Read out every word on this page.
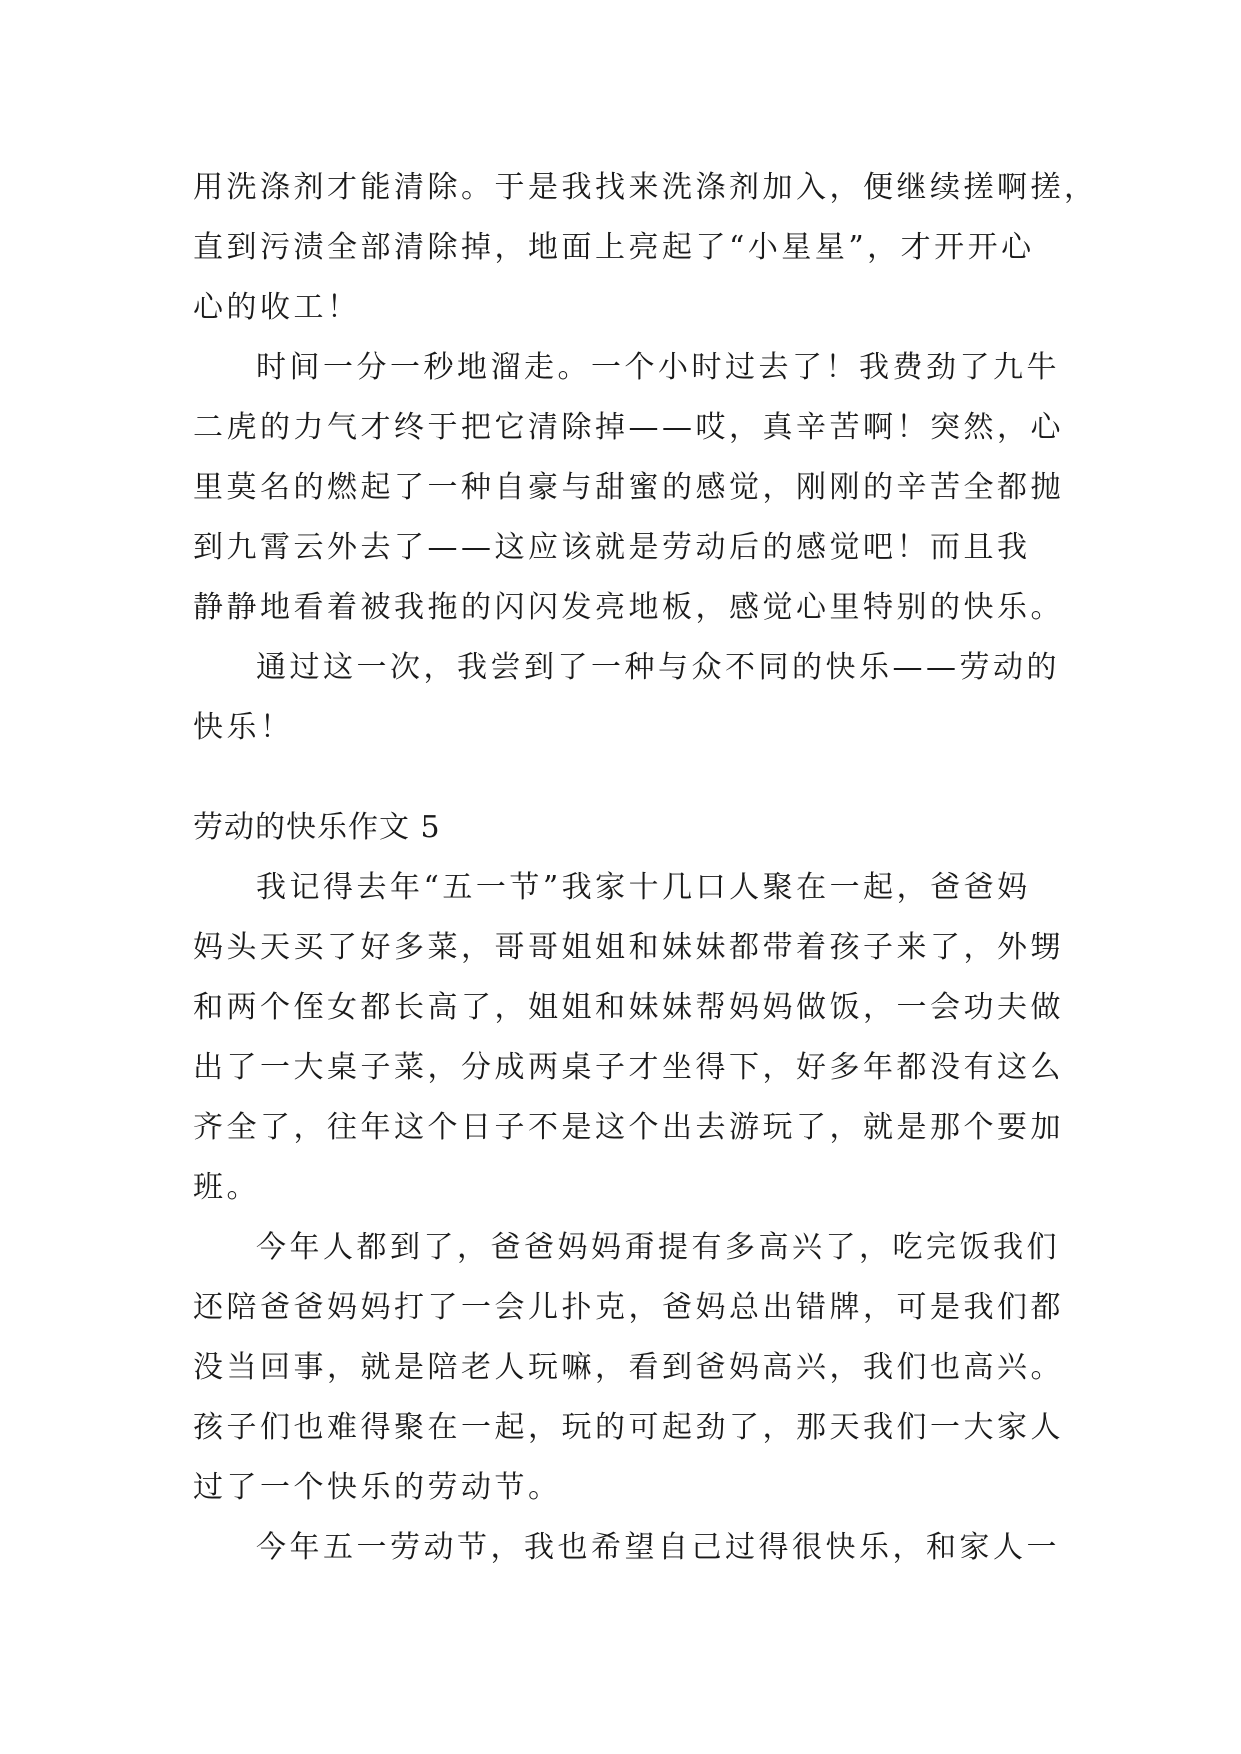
用洗涤剂才能清除。于是我找来洗涤剂加入，便继续搓啊搓，
直到污渍全部清除掉，地面上亮起了“小星星”，才开开心
心的收工！
时间一分一秒地溜走。一个小时过去了！我费劲了九牛
二虎的力气才终于把它清除掉——哎，真辛苦啊！突然，心
里莫名的燃起了一种自豪与甜蜜的感觉，刚刚的辛苦全都抛
到九霄云外去了——这应该就是劳动后的感觉吧！而且我
静静地看着被我拖的闪闪发亮地板，感觉心里特别的快乐。
通过这一次，我尝到了一种与众不同的快乐——劳动的
快乐！
劳动的快乐作文 5
我记得去年“五一节”我家十几口人聚在一起，爸爸妈
妈头天买了好多菜，哥哥姐姐和妹妹都带着孩子来了，外甥
和两个侄女都长高了，姐姐和妹妹帮妈妈做饭，一会功夫做
出了一大桌子菜，分成两桌子才坐得下，好多年都没有这么
齐全了，往年这个日子不是这个出去游玩了，就是那个要加
班。
今年人都到了，爸爸妈妈甭提有多高兴了，吃完饭我们
还陪爸爸妈妈打了一会儿扑克，爸妈总出错牌，可是我们都
没当回事，就是陪老人玩嘛，看到爸妈高兴，我们也高兴。
孩子们也难得聚在一起，玩的可起劲了，那天我们一大家人
过了一个快乐的劳动节。
今年五一劳动节，我也希望自己过得很快乐，和家人一
